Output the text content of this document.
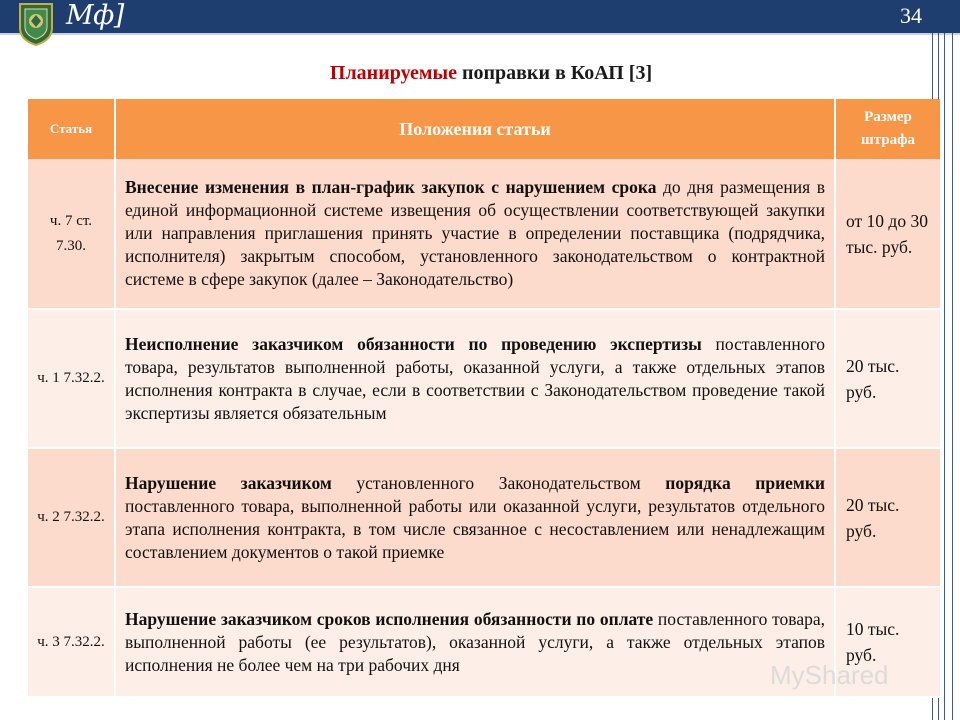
Мф]	34
Планируемые поправки в КоАП [3]
Статья	Положения статьи	Размер штрафа
ч. 7 ст. 7.30.	Внесение изменения в план-график закупок с нарушением срока до дня размещения в единой информационной системе извещения об осуществлении соответствующей закупки или направления приглашения принять участие в определении поставщика (подрядчика, исполнителя) закрытым способом, установленного законодательством о контрактной системе в сфере закупок (далее – Законодательство)	от 10 до 30 тыс. руб.
ч. 1 7.32.2.	Неисполнение заказчиком обязанности по проведению экспертизы поставленного товара, результатов выполненной работы, оказанной услуги, а также отдельных этапов исполнения контракта в случае, если в соответствии с Законодательством проведение такой экспертизы является обязательным	20 тыс. руб.
ч. 2 7.32.2.	Нарушение заказчиком установленного Законодательством порядка приемки поставленного товара, выполненной работы или оказанной услуги, результатов отдельного этапа исполнения контракта, в том числе связанное с несоставлением или ненадлежащим составлением документов о такой приемке	20 тыс. руб.
ч. 3 7.32.2.	Нарушение заказчиком сроков исполнения обязанности по оплате поставленного товара, выполненной работы (ее результатов), оказанной услуги, а также отдельных этапов исполнения не более чем на три рабочих дня	10 тыс. руб.
MyShared
